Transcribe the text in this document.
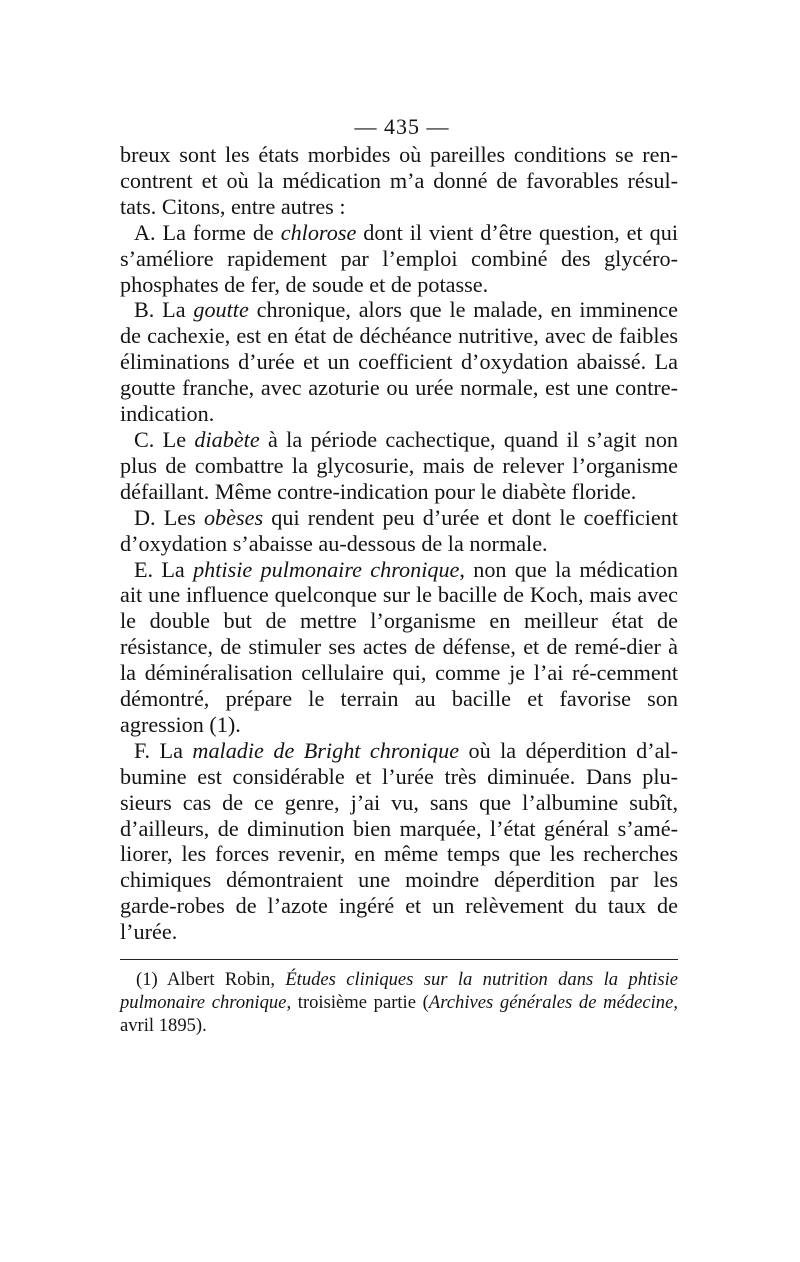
— 435 —

breux sont les états morbides où pareilles conditions se ren-contrent et où la médication m’a donné de favorables résul-tats. Citons, entre autres :

A. La forme de chlorose dont il vient d’être question, et qui s’améliore rapidement par l’emploi combiné des glycéro-phosphates de fer, de soude et de potasse.

B. La goutte chronique, alors que le malade, en imminence de cachexie, est en état de déchéance nutritive, avec de faibles éliminations d’urée et un coefficient d’oxydation abaissé. La goutte franche, avec azoturie ou urée normale, est une contre-indication.

C. Le diabète à la période cachectique, quand il s’agit non plus de combattre la glycosurie, mais de relever l’organisme défaillant. Même contre-indication pour le diabète floride.

D. Les obèses qui rendent peu d’urée et dont le coefficient d’oxydation s’abaisse au-dessous de la normale.

E. La phtisie pulmonaire chronique, non que la médication ait une influence quelconque sur le bacille de Koch, mais avec le double but de mettre l’organisme en meilleur état de résistance, de stimuler ses actes de défense, et de remé-dier à la déminéralisation cellulaire qui, comme je l’ai ré-cemment démontré, prépare le terrain au bacille et favorise son agression (1).

F. La maladie de Bright chronique où la déperdition d’al-bumine est considérable et l’urée très diminuée. Dans plu-sieurs cas de ce genre, j’ai vu, sans que l’albumine subît, d’ailleurs, de diminution bien marquée, l’état général s’amé-liorer, les forces revenir, en même temps que les recherches chimiques démontraient une moindre déperdition par les garde-robes de l’azote ingéré et un relèvement du taux de l’urée.

(1) Albert Robin, Études cliniques sur la nutrition dans la phtisie pulmonaire chronique, troisième partie (Archives générales de médecine, avril 1895).
